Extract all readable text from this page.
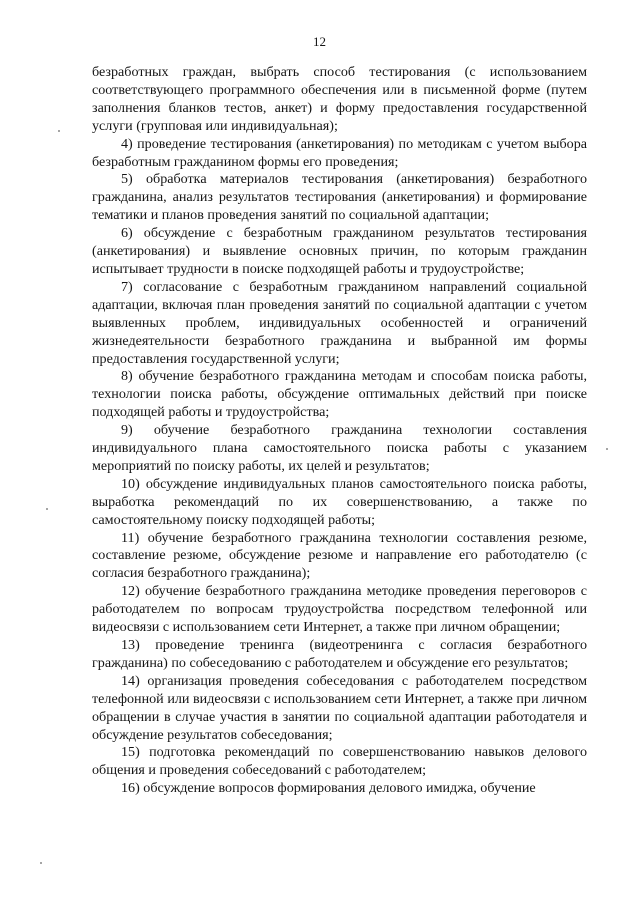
12

безработных граждан, выбрать способ тестирования (с использованием соответствующего программного обеспечения или в письменной форме (путем заполнения бланков тестов, анкет) и форму предоставления государственной услуги (групповая или индивидуальная);

4) проведение тестирования (анкетирования) по методикам с учетом выбора безработным гражданином формы его проведения;

5) обработка материалов тестирования (анкетирования) безработного гражданина, анализ результатов тестирования (анкетирования) и формирование тематики и планов проведения занятий по социальной адаптации;

6) обсуждение с безработным гражданином результатов тестирования (анкетирования) и выявление основных причин, по которым гражданин испытывает трудности в поиске подходящей работы и трудоустройстве;

7) согласование с безработным гражданином направлений социальной адаптации, включая план проведения занятий по социальной адаптации с учетом выявленных проблем, индивидуальных особенностей и ограничений жизнедеятельности безработного гражданина и выбранной им формы предоставления государственной услуги;

8) обучение безработного гражданина методам и способам поиска работы, технологии поиска работы, обсуждение оптимальных действий при поиске подходящей работы и трудоустройства;

9) обучение безработного гражданина технологии составления индивидуального плана самостоятельного поиска работы с указанием мероприятий по поиску работы, их целей и результатов;

10) обсуждение индивидуальных планов самостоятельного поиска работы, выработка рекомендаций по их совершенствованию, а также по самостоятельному поиску подходящей работы;

11) обучение безработного гражданина технологии составления резюме, составление резюме, обсуждение резюме и направление его работодателю (с согласия безработного гражданина);

12) обучение безработного гражданина методике проведения переговоров с работодателем по вопросам трудоустройства посредством телефонной или видеосвязи с использованием сети Интернет, а также при личном обращении;

13) проведение тренинга (видеотренинга с согласия безработного гражданина) по собеседованию с работодателем и обсуждение его результатов;

14) организация проведения собеседования с работодателем посредством телефонной или видеосвязи с использованием сети Интернет, а также при личном обращении в случае участия в занятии по социальной адаптации работодателя и обсуждение результатов собеседования;

15) подготовка рекомендаций по совершенствованию навыков делового общения и проведения собеседований с работодателем;

16) обсуждение вопросов формирования делового имиджа, обучение
